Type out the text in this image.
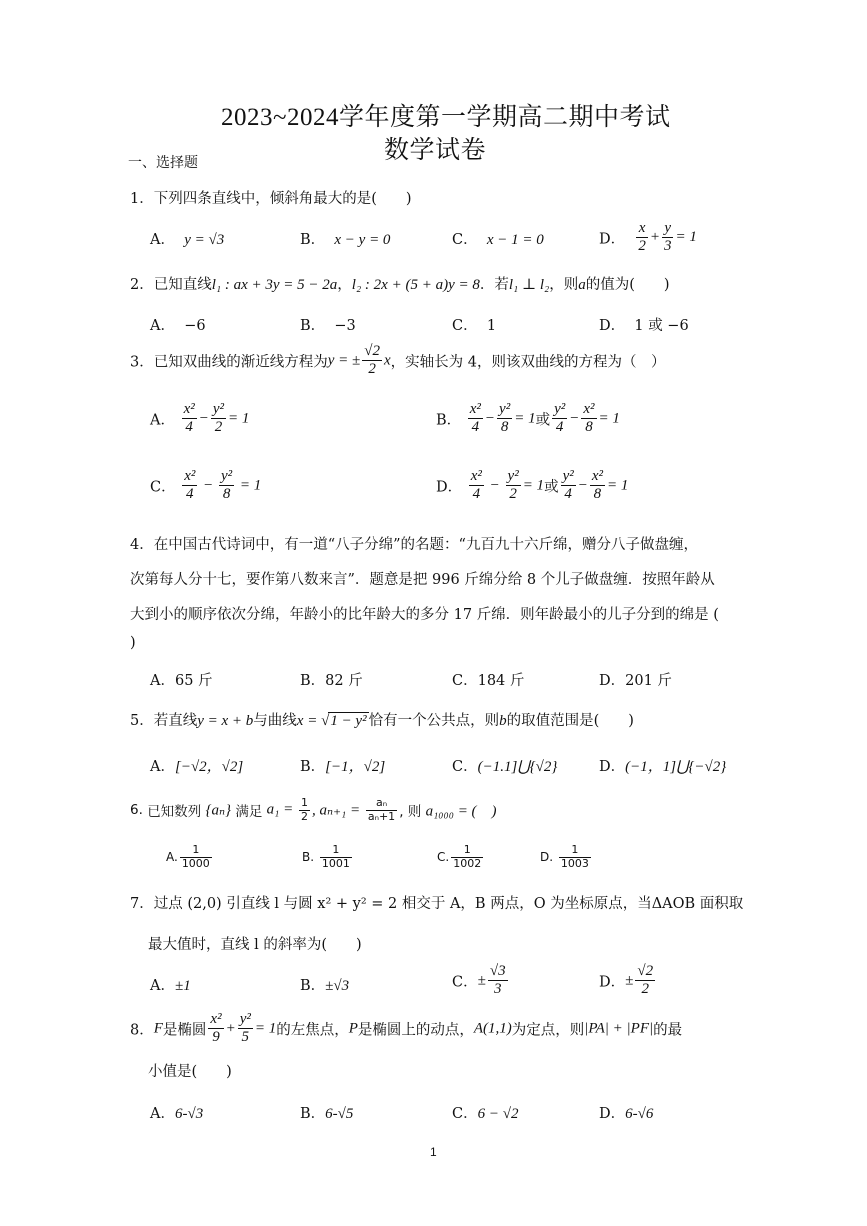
2023~2024学年度第一学期高二期中考试
数学试卷
一、选择题
1．下列四条直线中，倾斜角最大的是(　　)
A． y = √3	B． x − y = 0	C． x − 1 = 0	D． $\frac{x}{2} + \frac{y}{3} = 1$
2．已知直线l₁ : ax + 3y = 5 − 2a，l₂ : 2x + (5 + a)y = 8．若l₁ ⊥ l₂，则a的值为(　　)
A． −6	B． −3	C． 1	D． 1 或 −6
3．已知双曲线的渐近线方程为y = ± $\frac{√2}{2}$ x，实轴长为 4，则该双曲线的方程为（　）
A． $\frac{\text{x²}}{4} - \frac{\text{y²}}{2} = 1$	B． $\frac{\text{x²}}{4} - \frac{\text{y²}}{8} = 1$或 $\frac{\text{y²}}{4} - \frac{\text{x²}}{8} = 1$
C． $\frac{\text{x²}}{4} - \frac{\text{y²}}{8} = 1$	D． $\frac{\text{x²}}{4} - \frac{\text{y²}}{2} = 1$或 $\frac{\text{y²}}{4} - \frac{\text{x²}}{8} = 1$
4．在中国古代诗词中，有一道“八子分绵”的名题：“九百九十六斤绵，赠分八子做盘缠，
次第每人分十七，要作第八数来言”．题意是把 996 斤绵分给 8 个儿子做盘缠．按照年龄从
大到小的顺序依次分绵，年龄小的比年龄大的多分 17 斤绵．则年龄最小的儿子分到的绵是 (
)
A．65 斤	B．82 斤	C．184 斤	D．201 斤
5．若直线y = x + b与曲线x = √1 − y² 恰有一个公共点，则b的取值范围是(　　)
A．[−√2，√2]	B．[−1，√2]	C．(−1.1]⋃{√2}	D．(−1，1]⋃{−√2}
6. 已知数列 {aₙ} 满足 $a_1 = \frac{1}{2}$ , $a_{n+1} = \frac{\text{aₙ}}{\text{aₙ+1}}$ , 则 a₁₀₀₀ = (　)
A. $\frac{1}{1000}$	B. $\frac{1}{1001}$	C. $\frac{1}{1002}$	D. $\frac{1}{1003}$
7．过点 (2,0) 引直线 l 与圆 x² + y² = 2 相交于 A，B 两点，O 为坐标原点，当ΔAOB 面积取
最大值时，直线 l 的斜率为(　　)
A．±1	B．±√3	C．± $\frac{√3}{3}$	D．± $\frac{√2}{2}$
8．F是椭圆 $\frac{\text{x²}}{9} + \frac{\text{y²}}{5} = 1$的左焦点，P是椭圆上的动点，A(1,1)为定点，则|PA| + |PF|的最
小值是(　　)
A．6-√3	B．6-√5	C．6 − √2	D．6-√6
1
